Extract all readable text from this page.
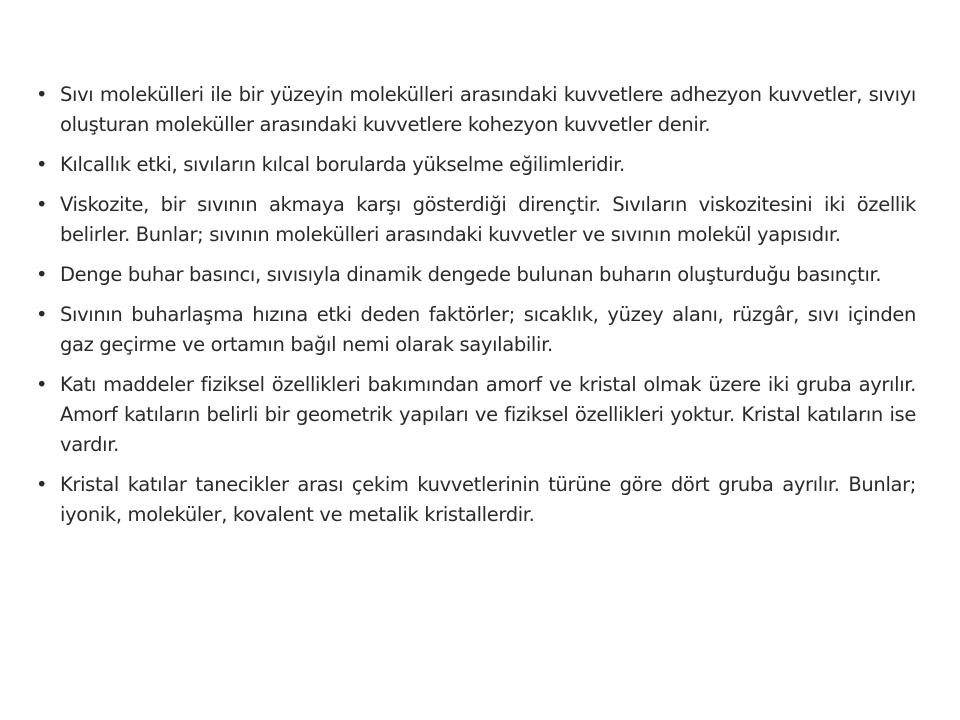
• Sıvı molekülleri ile bir yüzeyin molekülleri arasındaki kuvvetlere adhezyon kuvvetler, sıvıyı oluşturan moleküller arasındaki kuvvetlere kohezyon kuvvetler denir.
• Kılcallık etki, sıvıların kılcal borularda yükselme eğilimleridir.
• Viskozite, bir sıvının akmaya karşı gösterdiği dirençtir. Sıvıların viskozitesini iki özellik belirler. Bunlar; sıvının molekülleri arasındaki kuvvetler ve sıvının molekül yapısıdır.
• Denge buhar basıncı, sıvısıyla dinamik dengede bulunan buharın oluşturduğu basınçtır.
• Sıvının buharlaşma hızına etki deden faktörler; sıcaklık, yüzey alanı, rüzgâr, sıvı içinden gaz geçirme ve ortamın bağıl nemi olarak sayılabilir.
• Katı maddeler fiziksel özellikleri bakımından amorf ve kristal olmak üzere iki gruba ayrılır. Amorf katıların belirli bir geometrik yapıları ve fiziksel özellikleri yoktur. Kristal katıların ise vardır.
• Kristal katılar tanecikler arası çekim kuvvetlerinin türüne göre dört gruba ayrılır. Bunlar; iyonik, moleküler, kovalent ve metalik kristallerdir.
